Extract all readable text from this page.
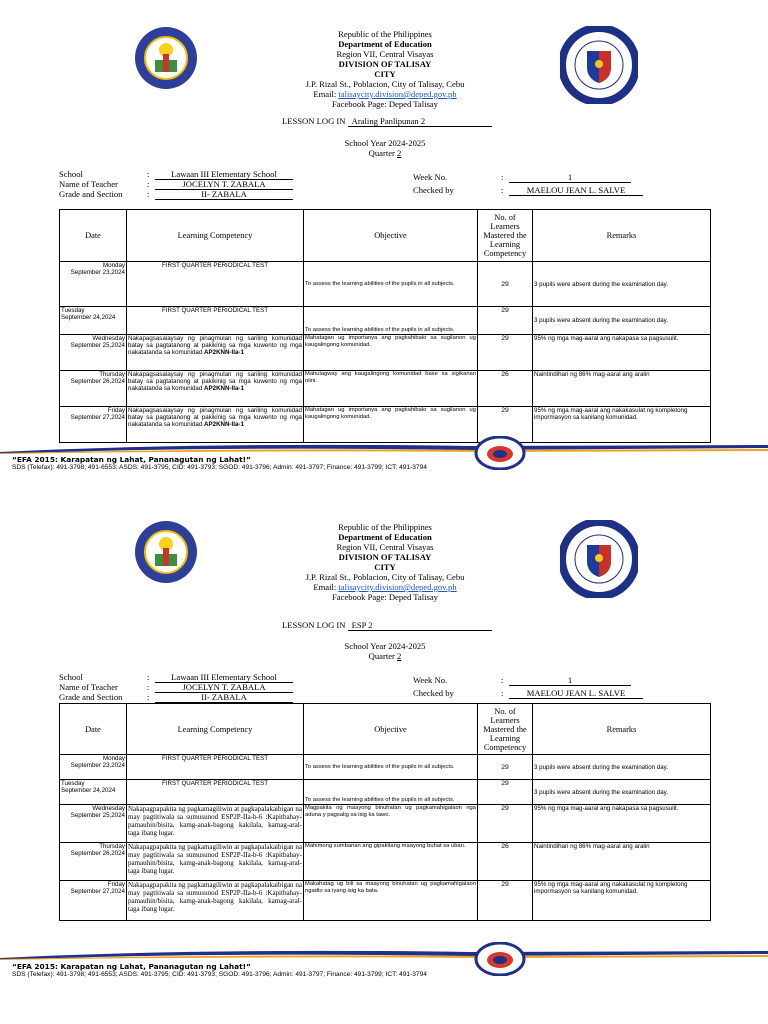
Republic of the Philippines
Department of Education
Region VII, Central Visayas
DIVISION OF TALISAY
CITY
J.P. Rizal St., Poblacion, City of Talisay, Cebu
Email: talisaycity.division@deped.gov.ph
Facebook Page: Deped Talisay
LESSON LOG IN Araling Panlipunan 2
School Year 2024-2025
Quarter 2
School	:	Lawaan III Elementary School
Name of Teacher	:	JOCELYN T. ZABALA
Grade and Section	:	II- ZABALA
Week No.	:	1
Checked by	:	MAELOU JEAN L. SALVE
Date	Learning Competency	Objective	No. of Learners Mastered the Learning Competency	Remarks

Monday
September 23,2024	FIRST QUARTER PERIODICAL TEST	To assess the learning abilities of the pupils in all subjects.	29	3 pupils were absent during the examination day.

Tuesday
September 24,2024	FIRST QUARTER PERIODICAL TEST	To assess the learning abilities of the pupils in all subjects.	29	3 pupils were absent during the examination day.

Wednesday
September 25,2024	Nakapagsasalaysay ng pinagmulan ng sariling komunidad batay sa pagtatanong at pakikinig sa mga kuwento ng mga nakatatanda sa komunidad AP2KNN-IIa-1	Mahatagan ug importanya ang pagkahibalo sa sugilanon ug kaugalingong komunidad.	29	95% ng mga mag-aaral ang nakapasa sa pagsusulit.

Thursday
September 26,2024	Nakapagsasalaysay ng pinagmulan ng sariling komunidad batay sa pagtatanong at pakikinig sa mga kuwento ng mga nakatatanda sa komunidad AP2KNN-IIa-1	Mahulagway ang kaugalingong komunidad base sa sigikanan niini.	26	Naintindihan ng 86% mag-aaral ang aralin

Friday
September 27,2024	Nakapagsasalaysay ng pinagmulan ng sariling komunidad batay sa pagtatanong at pakikinig sa mga kuwento ng mga nakatatanda sa komunidad AP2KNN-IIa-1	Mahatagan ug importanya ang pagkahibalo sa sugilanon ug kaugalingong komunidad.	29	95% ng mga mag-aaral ang nakakasulat ng kompletong impormasyon sa kanilang komunidad.
“EFA 2015: Karapatan ng Lahat, Pananagutan ng Lahat!”
SDS (Telefax): 491-3798; 491-6553; ASDS: 491-3795; CID: 491-3793; SGOD: 491-3796; Admin: 491-3797; Finance: 491-3799; ICT: 491-3794
Republic of the Philippines
Department of Education
Region VII, Central Visayas
DIVISION OF TALISAY
CITY
J.P. Rizal St., Poblacion, City of Talisay, Cebu
Email: talisaycity.division@deped.gov.ph
Facebook Page: Deped Talisay
LESSON LOG IN ESP 2
School Year 2024-2025
Quarter 2
School	:	Lawaan III Elementary School
Name of Teacher	:	JOCELYN T. ZABALA
Grade and Section	:	II- ZABALA
Week No.	:	1
Checked by	:	MAELOU JEAN L. SALVE
Date	Learning Competency	Objective	No. of Learners Mastered the Learning Competency	Remarks

Monday
September 23,2024	FIRST QUARTER PERIODICAL TEST	To assess the learning abilities of the pupils in all subjects.	29	3 pupils were absent during the examination day.

Tuesday
September 24,2024	FIRST QUARTER PERIODICAL TEST	To assess the learning abilities of the pupils in all subjects.	29	3 pupils were absent during the examination day.

Wednesday
September 25,2024	Nakapagpapakita ng pagkamagiliwin at pagkapalakaibigan na may pagtitiwala sa sumusunod ESP2P-IIa-b-6 :Kapitbahay-pamauhin/bisita, kamg-anak-bagong kakilala, kamag-aral-taga ibang lugar.	Magpakita og maayong binuhatan ug pagkamahigalaon nga aduna y pagsalig sa isig ka tawo.	29	95% ng mga mag-aaral ang nakapasa sa pagsusulit.

Thursday
September 26,2024	Nakapagpapakita ng pagkamagiliwin at pagkapalakaibigan na may pagtitiwala sa sumusunod ESP2P-IIa-b-6 :Kapitbahay-pamauhin/bisita, kamg-anak-bagong kakilala, kamag-aral-taga ibang lugar.	Mahimong sumbanan ang gipakitang maayong buhat sa uban.	26	Naintindihan ng 86% mag-aaral ang aralin

Friday
September 27,2024	Nakapagpapakita ng pagkamagiliwin at pagkapalakaibigan na may pagtitiwala sa sumusunod ESP2P-IIa-b-6 :Kapitbahay-pamauhin/bisita, kamg-anak-bagong kakilala, kamag-aral-taga ibang lugar.	Makahatag ug bili sa maayong binuhatan ug pagkamahigalaon ngadto sa iyang isig ka bata.	29	95% ng mga mag-aaral ang nakakasulat ng kompletong impormasyon sa kanilang komunidad.
“EFA 2015: Karapatan ng Lahat, Pananagutan ng Lahat!”
SDS (Telefax): 491-3798; 491-6553; ASDS: 491-3795; CID: 491-3793; SGOD: 491-3796; Admin: 491-3797; Finance: 491-3799; ICT: 491-3794
